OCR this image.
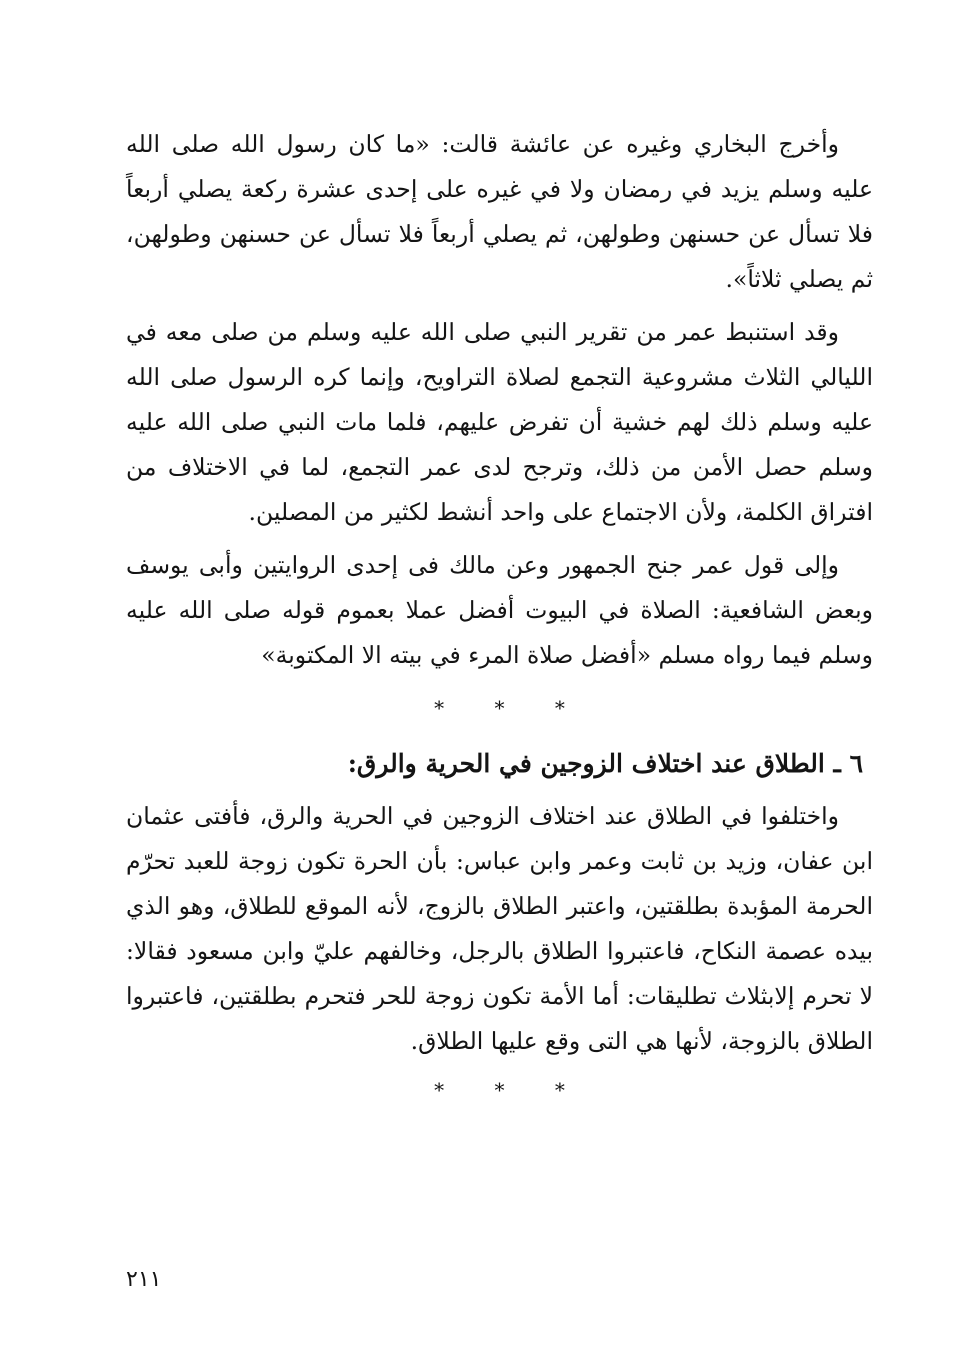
وأخرج البخاري وغيره عن عائشة قالت: «ما كان رسول الله صلى الله عليه وسلم يزيد في رمضان ولا في غيره على إحدى عشرة ركعة يصلي أربعاً فلا تسأل عن حسنهن وطولهن، ثم يصلي أربعاً فلا تسأل عن حسنهن وطولهن، ثم يصلي ثلاثاً».

وقد استنبط عمر من تقرير النبي صلى الله عليه وسلم من صلى معه في الليالي الثلاث مشروعية التجمع لصلاة التراويح، وإنما كره الرسول صلى الله عليه وسلم ذلك لهم خشية أن تفرض عليهم، فلما مات النبي صلى الله عليه وسلم حصل الأمن من ذلك، وترجح لدى عمر التجمع، لما في الاختلاف من افتراق الكلمة، ولأن الاجتماع على واحد أنشط لكثير من المصلين.

وإلى قول عمر جنح الجمهور وعن مالك فى إحدى الروايتين وأبى يوسف وبعض الشافعية: الصلاة في البيوت أفضل عملا بعموم قوله صلى الله عليه وسلم فيما رواه مسلم «أفضل صلاة المرء في بيته الا المكتوبة»

*	*	*
٦ ـ الطلاق عند اختلاف الزوجين في الحرية والرق:

واختلفوا في الطلاق عند اختلاف الزوجين في الحرية والرق، فأفتى عثمان ابن عفان، وزيد بن ثابت وعمر وابن عباس: بأن الحرة تكون زوجة للعبد تحرّم الحرمة المؤبدة بطلقتين، واعتبر الطلاق بالزوج، لأنه الموقع للطلاق، وهو الذي بيده عصمة النكاح، فاعتبروا الطلاق بالرجل، وخالفهم عليّ وابن مسعود فقالا: لا تحرم إلابثلاث تطليقات: أما الأمة تكون زوجة للحر فتحرم بطلقتين، فاعتبروا الطلاق بالزوجة، لأنها هي التى وقع عليها الطلاق.

*	*	*
٢١١
